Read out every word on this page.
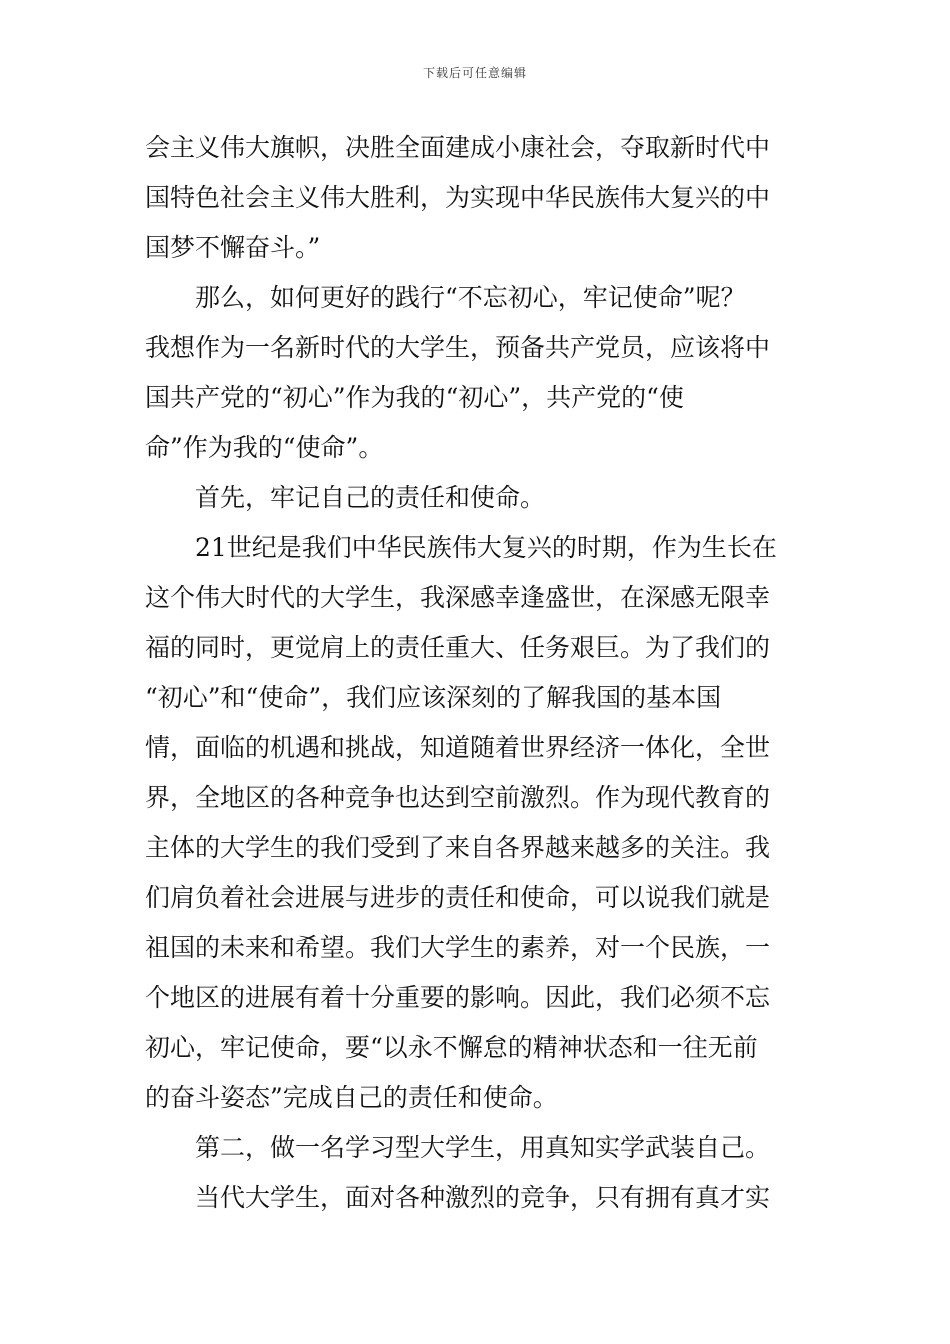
下载后可任意编辑
会主义伟大旗帜，决胜全面建成小康社会，夺取新时代中
国特色社会主义伟大胜利，为实现中华民族伟大复兴的中
国梦不懈奋斗。”
那么，如何更好的践行“不忘初心，牢记使命”呢？
我想作为一名新时代的大学生，预备共产党员，应该将中
国共产党的“初心”作为我的“初心”，共产党的“使
命”作为我的“使命”。
首先，牢记自己的责任和使命。
21世纪是我们中华民族伟大复兴的时期，作为生长在
这个伟大时代的大学生，我深感幸逢盛世，在深感无限幸
福的同时，更觉肩上的责任重大、任务艰巨。为了我们的
“初心”和“使命”，我们应该深刻的了解我国的基本国
情，面临的机遇和挑战，知道随着世界经济一体化，全世
界，全地区的各种竞争也达到空前激烈。作为现代教育的
主体的大学生的我们受到了来自各界越来越多的关注。我
们肩负着社会进展与进步的责任和使命，可以说我们就是
祖国的未来和希望。我们大学生的素养，对一个民族，一
个地区的进展有着十分重要的影响。因此，我们必须不忘
初心，牢记使命，要“以永不懈怠的精神状态和一往无前
的奋斗姿态”完成自己的责任和使命。
第二，做一名学习型大学生，用真知实学武装自己。
当代大学生，面对各种激烈的竞争，只有拥有真才实
